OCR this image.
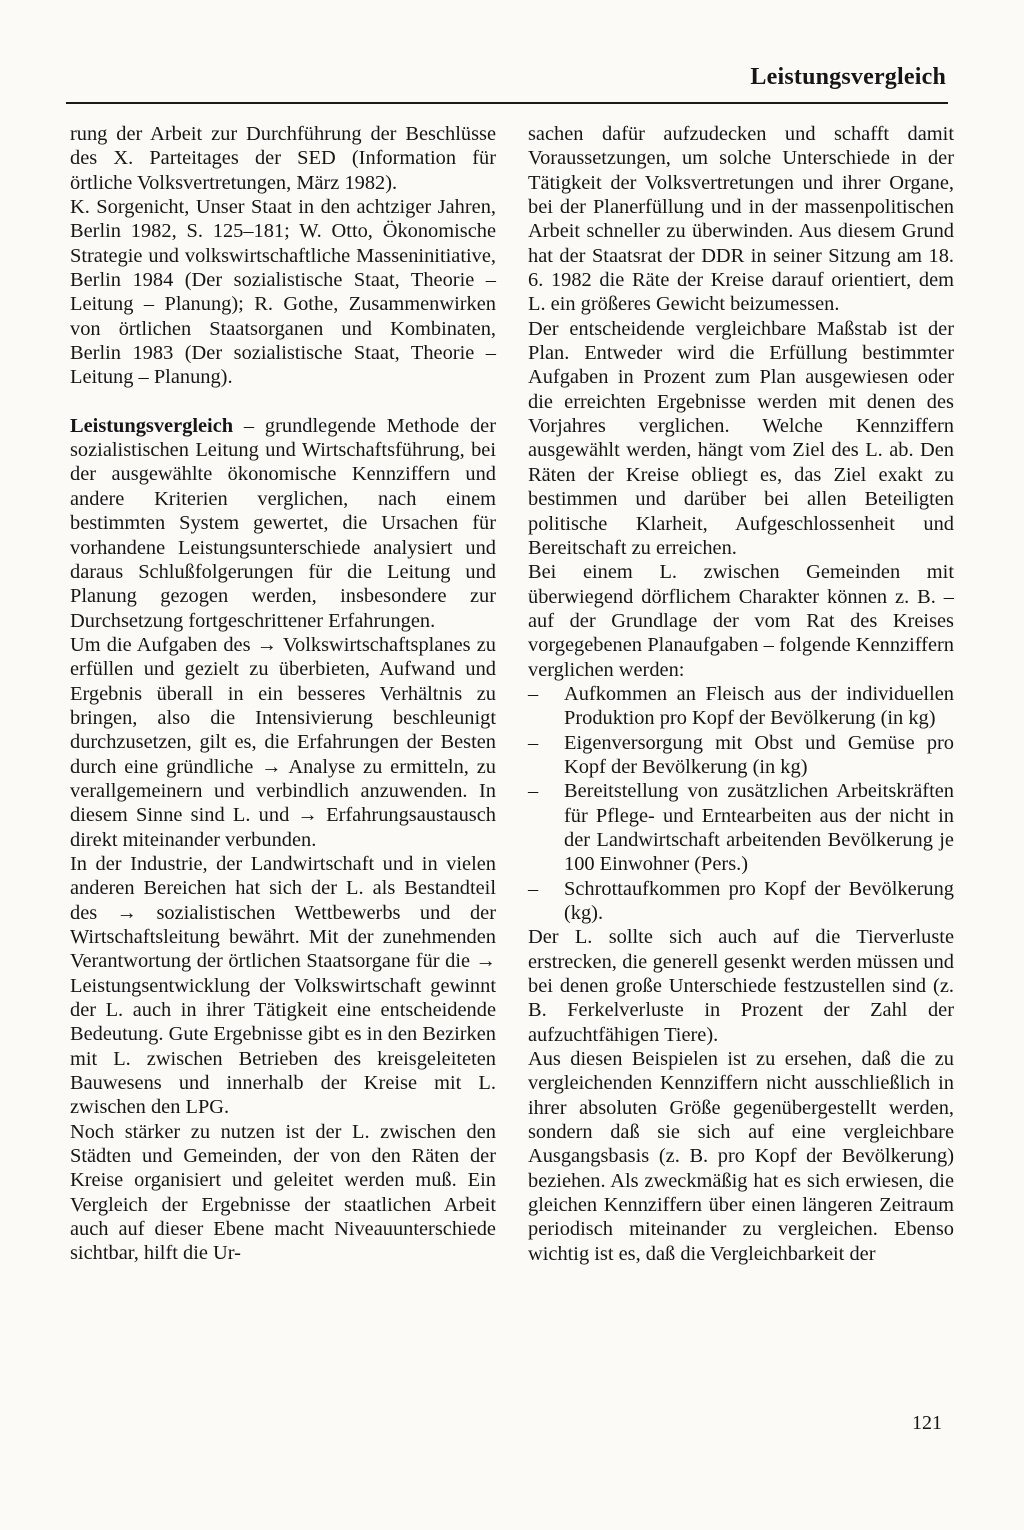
Leistungsvergleich

rung der Arbeit zur Durchführung der Beschlüsse des X. Parteitages der SED (Information für örtliche Volksvertretungen, März 1982).

K. Sorgenicht, Unser Staat in den achtziger Jahren, Berlin 1982, S. 125–181; W. Otto, Ökonomische Strategie und volkswirtschaftliche Masseninitiative, Berlin 1984 (Der sozialistische Staat, Theorie – Leitung – Planung); R. Gothe, Zusammenwirken von örtlichen Staatsorganen und Kombinaten, Berlin 1983 (Der sozialistische Staat, Theorie – Leitung – Planung).

Leistungsvergleich – grundlegende Methode der sozialistischen Leitung und Wirtschaftsführung, bei der ausgewählte ökonomische Kennziffern und andere Kriterien verglichen, nach einem bestimmten System gewertet, die Ursachen für vorhandene Leistungsunterschiede analysiert und daraus Schlußfolgerungen für die Leitung und Planung gezogen werden, insbesondere zur Durchsetzung fortgeschrittener Erfahrungen.

Um die Aufgaben des → Volkswirtschaftsplanes zu erfüllen und gezielt zu überbieten, Aufwand und Ergebnis überall in ein besseres Verhältnis zu bringen, also die Intensivierung beschleunigt durchzusetzen, gilt es, die Erfahrungen der Besten durch eine gründliche → Analyse zu ermitteln, zu verallgemeinern und verbindlich anzuwenden. In diesem Sinne sind L. und → Erfahrungsaustausch direkt miteinander verbunden.

In der Industrie, der Landwirtschaft und in vielen anderen Bereichen hat sich der L. als Bestandteil des → sozialistischen Wettbewerbs und der Wirtschaftsleitung bewährt. Mit der zunehmenden Verantwortung der örtlichen Staatsorgane für die → Leistungsentwicklung der Volkswirtschaft gewinnt der L. auch in ihrer Tätigkeit eine entscheidende Bedeutung. Gute Ergebnisse gibt es in den Bezirken mit L. zwischen Betrieben des kreisgeleiteten Bauwesens und innerhalb der Kreise mit L. zwischen den LPG.

Noch stärker zu nutzen ist der L. zwischen den Städten und Gemeinden, der von den Räten der Kreise organisiert und geleitet werden muß. Ein Vergleich der Ergebnisse der staatlichen Arbeit auch auf dieser Ebene macht Niveauunterschiede sichtbar, hilft die Ur-

sachen dafür aufzudecken und schafft damit Voraussetzungen, um solche Unterschiede in der Tätigkeit der Volksvertretungen und ihrer Organe, bei der Planerfüllung und in der massenpolitischen Arbeit schneller zu überwinden. Aus diesem Grund hat der Staatsrat der DDR in seiner Sitzung am 18. 6. 1982 die Räte der Kreise darauf orientiert, dem L. ein größeres Gewicht beizumessen.

Der entscheidende vergleichbare Maßstab ist der Plan. Entweder wird die Erfüllung bestimmter Aufgaben in Prozent zum Plan ausgewiesen oder die erreichten Ergebnisse werden mit denen des Vorjahres verglichen. Welche Kennziffern ausgewählt werden, hängt vom Ziel des L. ab. Den Räten der Kreise obliegt es, das Ziel exakt zu bestimmen und darüber bei allen Beteiligten politische Klarheit, Aufgeschlossenheit und Bereitschaft zu erreichen.

Bei einem L. zwischen Gemeinden mit überwiegend dörflichem Charakter können z. B. – auf der Grundlage der vom Rat des Kreises vorgegebenen Planaufgaben – folgende Kennziffern verglichen werden:

– Aufkommen an Fleisch aus der individuellen Produktion pro Kopf der Bevölkerung (in kg)
– Eigenversorgung mit Obst und Gemüse pro Kopf der Bevölkerung (in kg)
– Bereitstellung von zusätzlichen Arbeitskräften für Pflege- und Erntearbeiten aus der nicht in der Landwirtschaft arbeitenden Bevölkerung je 100 Einwohner (Pers.)
– Schrottaufkommen pro Kopf der Bevölkerung (kg).

Der L. sollte sich auch auf die Tierverluste erstrecken, die generell gesenkt werden müssen und bei denen große Unterschiede festzustellen sind (z. B. Ferkelverluste in Prozent der Zahl der aufzuchtfähigen Tiere).

Aus diesen Beispielen ist zu ersehen, daß die zu vergleichenden Kennziffern nicht ausschließlich in ihrer absoluten Größe gegenübergestellt werden, sondern daß sie sich auf eine vergleichbare Ausgangsbasis (z. B. pro Kopf der Bevölkerung) beziehen. Als zweckmäßig hat es sich erwiesen, die gleichen Kennziffern über einen längeren Zeitraum periodisch miteinander zu vergleichen. Ebenso wichtig ist es, daß die Vergleichbarkeit der

121
